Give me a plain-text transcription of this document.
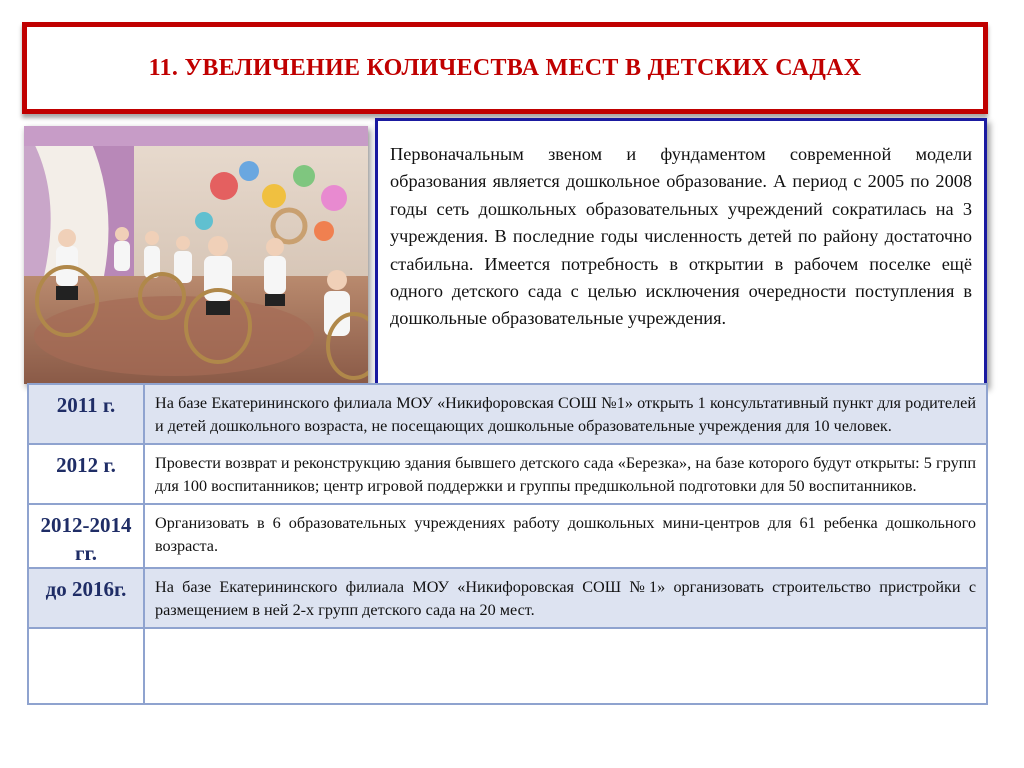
11. УВЕЛИЧЕНИЕ КОЛИЧЕСТВА МЕСТ В ДЕТСКИХ САДАХ

Первоначальным звеном и фундаментом современной модели образования является дошкольное образование. А период с 2005 по 2008 годы сеть дошкольных образовательных учреждений сократилась на 3 учреждения. В последние годы численность детей по району достаточно стабильна. Имеется потребность в открытии в рабочем поселке ещё одного детского сада с целью исключения очередности поступления в дошкольные образовательные учреждения.

2011 г.	На базе Екатерининского филиала МОУ «Никифоровская СОШ №1» открыть 1 консультативный пункт для родителей и детей дошкольного возраста, не посещающих дошкольные образовательные учреждения для 10 человек.
2012 г.	Провести возврат и реконструкцию здания бывшего детского сада «Березка», на базе которого будут открыты: 5 групп для 100 воспитанников; центр игровой поддержки и группы предшкольной подготовки для 50 воспитанников.
2012-2014 гг.	Организовать в 6 образовательных учреждениях работу дошкольных мини-центров для 61 ребенка дошкольного возраста.
до 2016г.	На базе Екатерининского филиала МОУ «Никифоровская СОШ №1» организовать строительство пристройки с размещением в ней 2-х групп детского сада на 20 мест.
